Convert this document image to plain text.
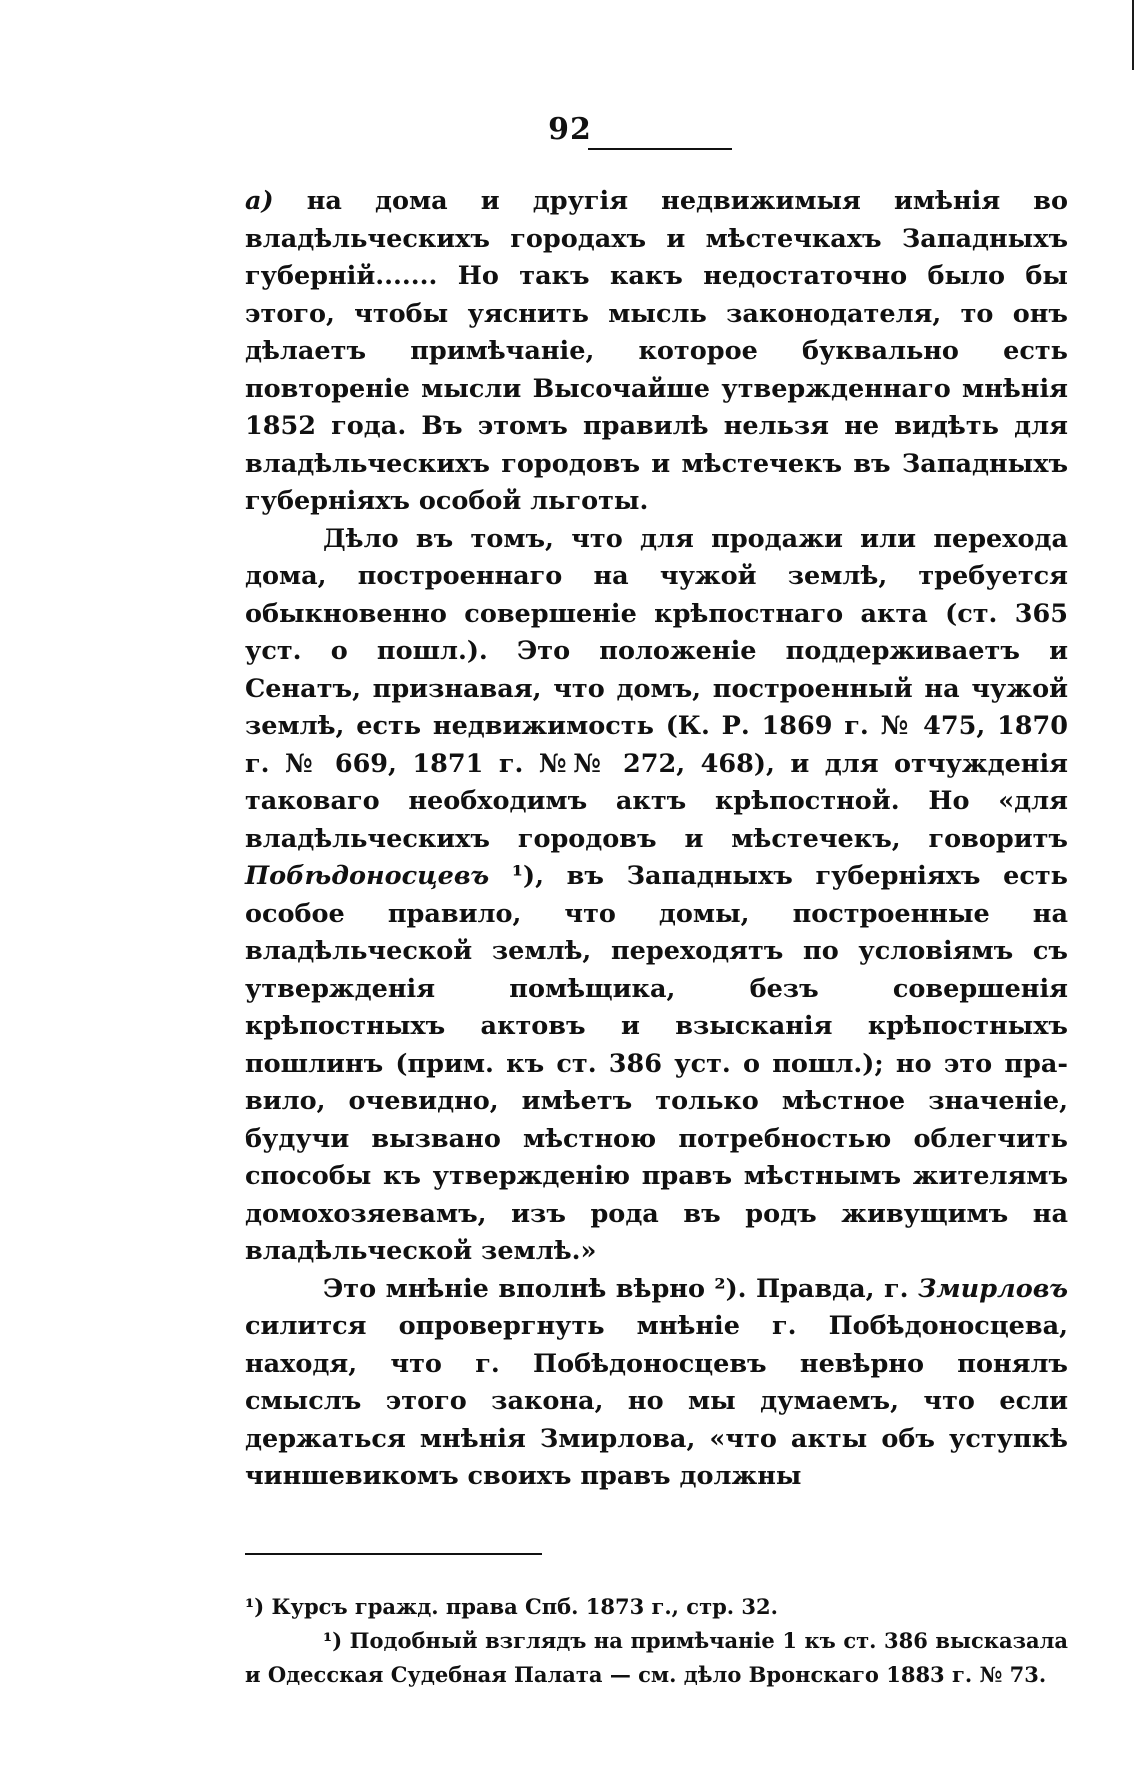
92

a) на дома и другія недвижимыя имѣнія во владѣльческихъ городахъ и мѣстечкахъ Западныхъ губерній....... Но такъ какъ недостаточно было бы этого, чтобы уяснить мысль законодателя, то онъ дѣлаетъ примѣчаніе, которое буквально есть повтореніе мысли Высочайше утвержденнаго мнѣнія 1852 года. Въ этомъ правилѣ нельзя не видѣть для владѣльческихъ городовъ и мѣстечекъ въ Западныхъ губерніяхъ особой льготы.

Дѣло въ томъ, что для продажи или перехода дома, построеннаго на чужой землѣ, требуется обыкновенно совершеніе крѣпостнаго акта (ст. 365 уст. о пошл.). Это положеніе поддерживаетъ и Сенатъ, признавая, что домъ, построенный на чужой землѣ, есть недвижимость (К. Р. 1869 г. № 475, 1870 г. № 669, 1871 г. №№ 272, 468), и для отчужденія таковаго необходимъ актъ крѣпостной. Но «для владѣльческихъ городовъ и мѣстечекъ, говоритъ Побѣдоносцевъ ¹), въ Западныхъ губерніяхъ есть особое правило, что домы, построенные на владѣльческой землѣ, переходятъ по условіямъ съ утвержденія помѣщика, безъ совершенія крѣпостныхъ актовъ и взысканія крѣпостныхъ пошлинъ (прим. къ ст. 386 уст. о пошл.); но это правило, очевидно, имѣетъ только мѣстное значеніе, будучи вызвано мѣстною потребностью облегчить способы къ утвержденію правъ мѣстнымъ жителямъ домохозяевамъ, изъ рода въ родъ живущимъ на владѣльческой землѣ.»

Это мнѣніе вполнѣ вѣрно ²). Правда, г. Змирловъ силится опровергнуть мнѣніе г. Побѣдоносцева, находя, что г. Побѣдоносцевъ невѣрно понялъ смыслъ этого закона, но мы думаемъ, что если держаться мнѣнія Змирлова, «что акты объ уступкѣ чиншевикомъ своихъ правъ должны

¹) Курсъ гражд. права Спб. 1873 г., стр. 32.

¹) Подобный взглядъ на примѣчаніе 1 къ ст. 386 высказала и Одесская Судебная Палата — см. дѣло Вронскаго 1883 г. № 73.
